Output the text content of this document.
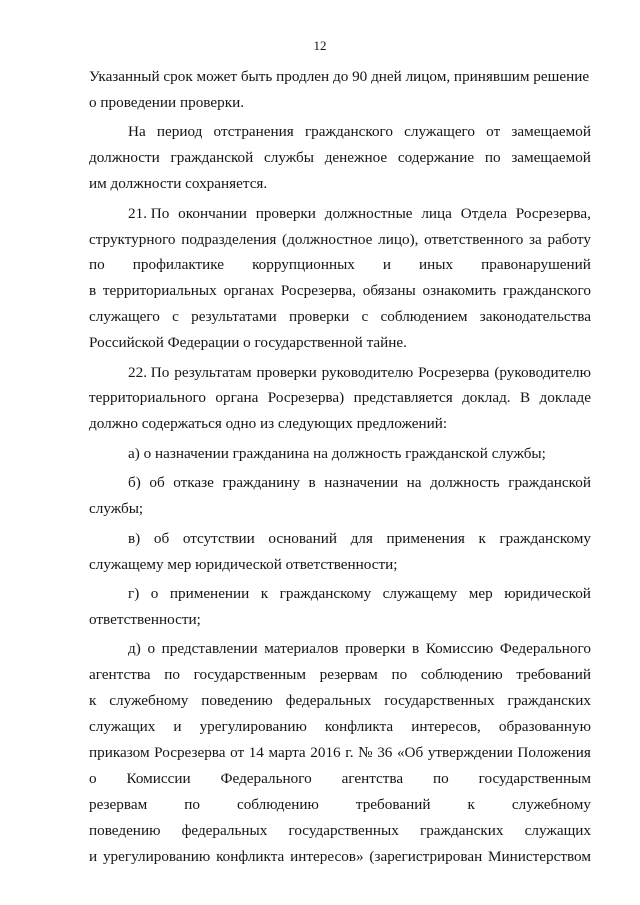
12
Указанный срок может быть продлен до 90 дней лицом, принявшим решение
о проведении проверки.
На период отстранения гражданского служащего от замещаемой
должности гражданской службы денежное содержание по замещаемой
им должности сохраняется.
21. По окончании проверки должностные лица Отдела Росрезерва,
структурного подразделения (должностное лицо), ответственного за работу
по профилактике коррупционных и иных правонарушений
в территориальных органах Росрезерва, обязаны ознакомить гражданского
служащего с результатами проверки с соблюдением законодательства
Российской Федерации о государственной тайне.
22. По результатам проверки руководителю Росрезерва (руководителю
территориального органа Росрезерва) представляется доклад. В докладе
должно содержаться одно из следующих предложений:
а) о назначении гражданина на должность гражданской службы;
б) об отказе гражданину в назначении на должность гражданской
службы;
в) об отсутствии оснований для применения к гражданскому
служащему мер юридической ответственности;
г) о применении к гражданскому служащему мер юридической
ответственности;
д) о представлении материалов проверки в Комиссию Федерального
агентства по государственным резервам по соблюдению требований
к служебному поведению федеральных государственных гражданских
служащих и урегулированию конфликта интересов, образованную
приказом Росрезерва от 14 марта 2016 г. № 36 «Об утверждении Положения
о Комиссии Федерального агентства по государственным
резервам по соблюдению требований к служебному
поведению федеральных государственных гражданских служащих
и урегулированию конфликта интересов» (зарегистрирован Министерством
